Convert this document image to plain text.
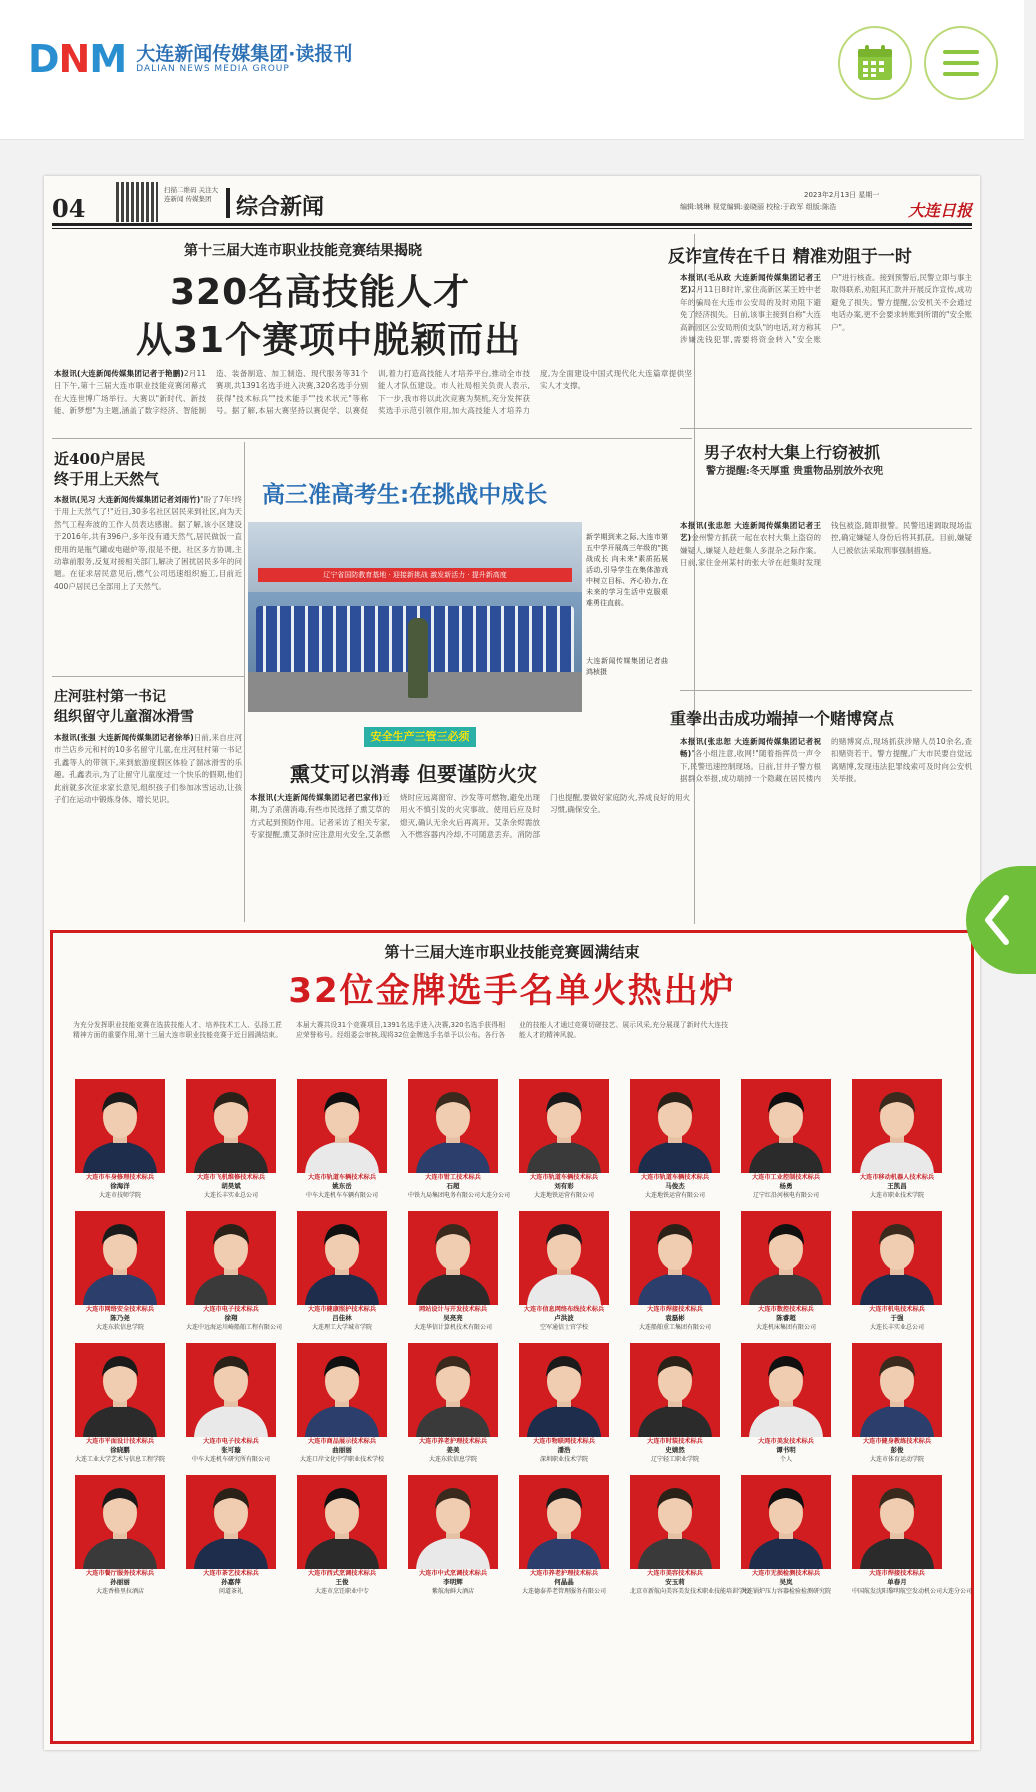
DNM 大连新闻传媒集团·读报刊
DALIAN NEWS MEDIA GROUP
04
扫描二维码 关注大连新闻 传媒集团	综合新闻	2023年2月13日 星期一
编辑:姚琳 视觉编辑:姜晓丽 校检:于政军 组版:陈浩	大连日报
第十三届大连市职业技能竞赛结果揭晓
320名高技能人才
从31个赛项中脱颖而出
本报讯(大连新闻传媒集团记者于艳鹏)2月11日下午,第十三届大连市职业技能竞赛闭幕式在大连世博广场举行。大赛以"新时代、新技能、新梦想"为主题,涵盖了数字经济、智能制造、装备制造、加工制造、现代服务等31个赛项,共1391名选手进入决赛,320名选手分别获得"技术标兵""技术能手""技术状元"等称号。据了解,本届大赛坚持以赛促学、以赛促训,着力打造高技能人才培养平台,推动全市技能人才队伍建设。市人社局相关负责人表示,下一步,我市将以此次竞赛为契机,充分发挥获奖选手示范引领作用,加大高技能人才培养力度,为全面建设中国式现代化大连篇章提供坚实人才支撑。
近400户居民
终于用上天然气
本报讯(见习 大连新闻传媒集团记者刘雨竹)"盼了7年!终于用上天然气了!"近日,30多名社区居民来到社区,向为天然气工程奔波的工作人员表达感谢。据了解,该小区建设于2016年,共有396户,多年没有通天然气,居民做饭一直使用的是瓶气罐或电磁炉等,很是不便。社区多方协调,主动靠前服务,反复对接相关部门,解决了困扰居民多年的问题。在征求居民意见后,燃气公司迅速组织施工,目前近400户居民已全部用上了天然气。
庄河驻村第一书记
组织留守儿童溜冰滑雪
本报讯(张强 大连新闻传媒集团记者徐举)日前,来自庄河市兰店乡元和村的10多名留守儿童,在庄河驻村第一书记孔鑫等人的带领下,来到旅游度假区体验了溜冰滑雪的乐趣。孔鑫表示,为了让留守儿童度过一个快乐的假期,他们此前就多次征求家长意见,组织孩子们参加冰雪运动,让孩子们在运动中锻炼身体、增长见识。
高三准高考生:在挑战中成长
辽宁省国防教育基地 · 迎接新挑战 激发新活力 · 提升新高度
新学期到来之际,大连市第五中学开展高三年级的"挑战成长 向未来"素质拓展活动,引导学生在集体游戏中树立目标、齐心协力,在未来的学习生活中克服艰难勇往直前。
大连新闻传媒集团记者曲鸿桢摄
安全生产三管三必须
熏艾可以消毒 但要谨防火灾
本报讯(大连新闻传媒集团记者巴家伟)近期,为了杀菌消毒,有些市民选择了熏艾草的方式起到预防作用。记者采访了相关专家,专家提醒,熏艾条时应注意用火安全,艾条燃烧时应远离窗帘、沙发等可燃物,避免出现用火不慎引发的火灾事故。使用后应及时熄灭,确认无余火后再离开。艾条余烬需放入不燃容器内冷却,不可随意丢弃。消防部门也提醒,要做好家庭防火,养成良好的用火习惯,确保安全。
反诈宣传在千日 精准劝阻于一时
本报讯(毛从政 大连新闻传媒集团记者王艺)2月11日8时许,家住高新区某王姓中老年的骗局在大连市公安局的及时劝阻下避免了经济损失。日前,该事主接到自称"大连高新园区公安局刑侦支队"的电话,对方称其涉嫌洗钱犯罪,需要将资金转入"安全账户"进行核查。接到预警后,民警立即与事主取得联系,劝阻其汇款并开展反诈宣传,成功避免了损失。警方提醒,公安机关不会通过电话办案,更不会要求转账到所谓的"安全账户"。
男子农村大集上行窃被抓
警方提醒:冬天厚重 贵重物品别放外衣兜
本报讯(张忠恕 大连新闻传媒集团记者王艺)金州警方抓获一起在农村大集上盗窃的嫌疑人,嫌疑人趁赶集人多混杂之际作案。日前,家住金州某村的张大爷在赶集时发现钱包被盗,随即报警。民警迅速调取现场监控,确定嫌疑人身份后将其抓获。目前,嫌疑人已被依法采取刑事强制措施。
重拳出击成功端掉一个赌博窝点
本报讯(张忠恕 大连新闻传媒集团记者祝畅)"各小组注意,收网!"随着指挥员一声令下,民警迅速控制现场。日前,甘井子警方根据群众举报,成功端掉一个隐藏在居民楼内的赌博窝点,现场抓获涉赌人员10余名,查扣赌资若干。警方提醒,广大市民要自觉远离赌博,发现违法犯罪线索可及时向公安机关举报。
第十三届大连市职业技能竞赛圆满结束
32位金牌选手名单火热出炉
为充分发挥职业技能竞赛在选拔技能人才、培养技术工人、弘扬工匠精神方面的重要作用,第十三届大连市职业技能竞赛于近日圆满结束。本届大赛共设31个竞赛项目,1391名选手进入决赛,320名选手获得相应荣誉称号。经组委会审核,现将32位金牌选手名单予以公布。各行各业的技能人才通过竞赛切磋技艺、展示风采,充分展现了新时代大连技能人才的精神风貌。
大连市车身修理技术标兵
徐海洋
大连市技师学院
大连市飞机维修技术标兵
胡昊斌
大连长丰实业总公司
大连市轨道车辆技术标兵
姚东岳
中车大连机车车辆有限公司
大连市钳工技术标兵
石超
中铁九局集团电务有限公司大连分公司
大连市轨道车辆技术标兵
刘有彩
大连地铁运营有限公司
大连市轨道车辆技术标兵
马俊杰
大连地铁运营有限公司
大连市工业控制技术标兵
杨勇
辽宁红沿河核电有限公司
大连市移动机器人技术标兵
王凯昌
大连市职业技术学院
大连市网络安全技术标兵
陈乃尧
大连东软信息学院
大连市电子技术标兵
徐翔
大连中远海运川崎船舶工程有限公司
大连市健康照护技术标兵
吕佳林
大连理工大学城市学院
网站设计与开发技术标兵
吴亮亮
大连华信计算机技术有限公司
大连市信息网络布线技术标兵
卢洪波
空军通信士官学校
大连市焊接技术标兵
袁磊彬
大连船舶重工集团有限公司
大连市数控技术标兵
陈睿超
大连机床集团有限公司
大连市机电技术标兵
于强
大连长丰实业总公司
大连市平面设计技术标兵
徐晓鹏
大连工业大学艺术与信息工程学院
大连市电子技术标兵
张可璇
中车大连机车研究所有限公司
大连市商品展示技术标兵
曲丽丽
大连口岸文化中学职业技术学校
大连市养老护理技术标兵
姜美
大连东软信息学院
大连市物联网技术标兵
潘浩
深圳职业技术学院
大连市时装技术标兵
史婧然
辽宁轻工职业学院
大连市美发技术标兵
谭书明
个人
大连市健身教练技术标兵
彭俊
大连市体育运动学院
大连市餐厅服务技术标兵
孙丽丽
大连香格里拉酒店
大连市茶艺技术标兵
孙嘉萍
问道茶礼
大连市西式烹调技术标兵
王俊
大连市烹饪职业中专
大连市中式烹调技术标兵
李明辉
紫航海鲜大酒店
大连市养老护理技术标兵
何晶晶
大连德泰养老管理服务有限公司
大连市美容技术标兵
安玉莉
北京市新航向美容美发技术职业技能培训学校
大连市无损检测技术标兵
吴岚
大连锅炉压力容器检验检测研究院
大连市焊接技术标兵
单春月
中国航发沈阳黎明航空发动机公司大连分公司
